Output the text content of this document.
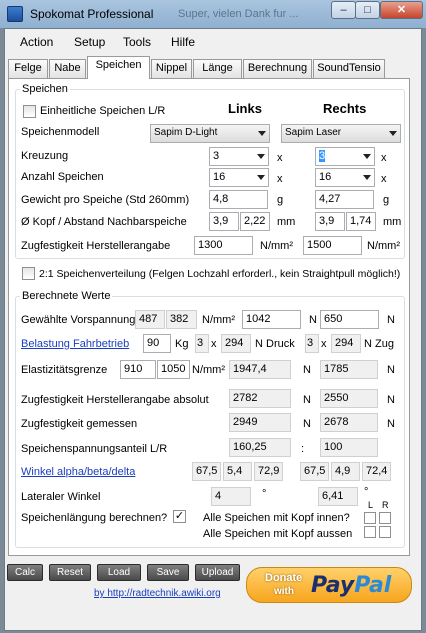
Spokomat Professional Super, vielen Dank fur ...	–	□	✕
Action Setup Tools Hilfe
Felge	Nabe	Speichen	Nippel	Länge	Berechnung SoundTensio
Speichen
Einheitliche Speichen L/R	Links	Rechts
Speichenmodell	Sapim D-Light	Sapim Laser
Kreuzung	3	x	3	x
Anzahl Speichen	16	x	16	x
Gewicht pro Speiche (Std 260mm)	4,8	g	4,27	g
Ø Kopf / Abstand Nachbarspeiche	3,9	2,22	mm	3,9	1,74	mm
Zugfestigkeit Herstellerangabe	1300	N/mm²	1500	N/mm²
2:1 Speichenverteilung (Felgen Lochzahl erforderl., kein Straightpull möglich!)
Berechnete Werte
Gewählte Vorspannung 487	382	N/mm²	1042	N 650	N
Belastung Fahrbetrieb	90	Kg 3 x 294	N Druck 3 x 294 N Zug
Elastizitätsgrenze	910	1050 N/mm² 1947,4	N	1785	N
Zugfestigkeit Herstellerangabe absolut	2782	N	2550	N
Zugfestigkeit gemessen	2949	N	2678	N
Speichenspannungsanteil L/R	160,25	:	100
Winkel alpha/beta/delta	67,5 5,4	72,9	67,5 4,9	72,4
Lateraler Winkel	4	°	6,41	°
Speichenlängung berechnen? ✓
L R
Alle Speichen mit Kopf innen?
Alle Speichen mit Kopf aussen
Calc	Reset	Load	Save	Upload
by http://radtechnik.awiki.org
Donate
with PayPal
